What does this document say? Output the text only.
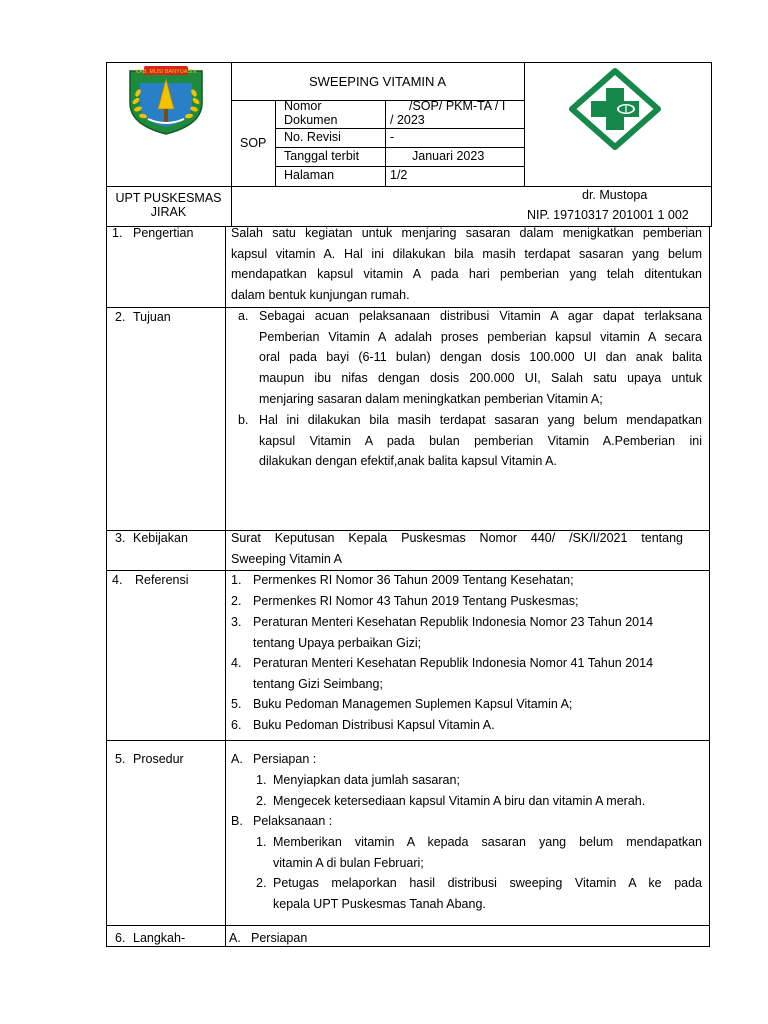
KAB. MUSI BANYUASIN
SWEEPING VITAMIN A
SOP
Nomor
Dokumen
/SOP/ PKM-TA / I
/ 2023
No. Revisi	-
Tanggal terbit	Januari 2023
Halaman	1/2
UPT PUSKESMAS
JIRAK
dr. Mustopa
NIP. 19710317 201001 1 002
1. Pengertian	Salah satu kegiatan untuk menjaring sasaran dalam menigkatkan pemberian
kapsul vitamin A. Hal ini dilakukan bila masih terdapat sasaran yang belum
mendapatkan kapsul vitamin A pada hari pemberian yang telah ditentukan
dalam bentuk kunjungan rumah.
2. Tujuan	a. Sebagai acuan pelaksanaan distribusi Vitamin A agar dapat terlaksana
Pemberian Vitamin A adalah proses pemberian kapsul vitamin A secara
oral pada bayi (6-11 bulan) dengan dosis 100.000 UI dan anak balita
maupun ibu nifas dengan dosis 200.000 UI, Salah satu upaya untuk
menjaring sasaran dalam meningkatkan pemberian Vitamin A;
b. Hal ini dilakukan bila masih terdapat sasaran yang belum mendapatkan
kapsul Vitamin A pada bulan pemberian Vitamin A.Pemberian ini
dilakukan dengan efektif,anak balita kapsul Vitamin A.
3. Kebijakan	Surat Keputusan Kepala Puskesmas Nomor 440/ /SK/I/2021 tentang
Sweeping Vitamin A
4. Referensi	1. Permenkes RI Nomor 36 Tahun 2009 Tentang Kesehatan;
2. Permenkes RI Nomor 43 Tahun 2019 Tentang Puskesmas;
3. Peraturan Menteri Kesehatan Republik Indonesia Nomor 23 Tahun 2014
tentang Upaya perbaikan Gizi;
4. Peraturan Menteri Kesehatan Republik Indonesia Nomor 41 Tahun 2014
tentang Gizi Seimbang;
5. Buku Pedoman Managemen Suplemen Kapsul Vitamin A;
6. Buku Pedoman Distribusi Kapsul Vitamin A.
5. Prosedur	A. Persiapan :
1. Menyiapkan data jumlah sasaran;
2. Mengecek ketersediaan kapsul Vitamin A biru dan vitamin A merah.
B. Pelaksanaan :
1. Memberikan vitamin A kepada sasaran yang belum mendapatkan
vitamin A di bulan Februari;
2. Petugas melaporkan hasil distribusi sweeping Vitamin A ke pada
kepala UPT Puskesmas Tanah Abang.
6. Langkah-	A. Persiapan
